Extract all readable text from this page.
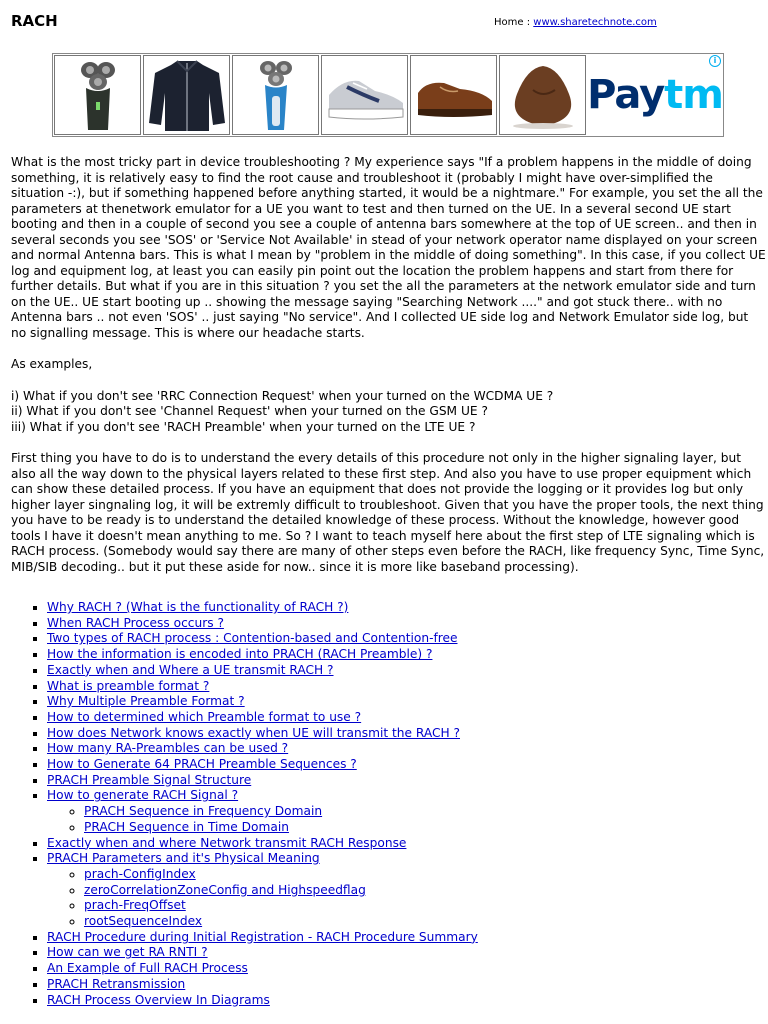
RACH	Home : www.sharetechnote.com
Paytm
i

What is the most tricky part in device troubleshooting ? My experience says "If a problem happens in the middle of doing something, it is relatively easy to find the root cause and troubleshoot it (probably I might have over-simplified the situation -:), but if something happened before anything started, it would be a nightmare." For example, you set the all the parameters at thenetwork emulator for a UE you want to test and then turned on the UE. In a several second UE start booting and then in a couple of second you see a couple of antenna bars somewhere at the top of UE screen.. and then in several seconds you see 'SOS' or 'Service Not Available' in stead of your network operator name displayed on your screen and normal Antenna bars. This is what I mean by "problem in the middle of doing something". In this case, if you collect UE log and equipment log, at least you can easily pin point out the location the problem happens and start from there for further details. But what if you are in this situation ? you set the all the parameters at the network emulator side and turn on the UE.. UE start booting up .. showing the message saying "Searching Network ...." and got stuck there.. with no Antenna bars .. not even 'SOS' .. just saying "No service". And I collected UE side log and Network Emulator side log, but no signalling message. This is where our headache starts.

As examples,

i) What if you don't see 'RRC Connection Request' when your turned on the WCDMA UE ?
ii) What if you don't see 'Channel Request' when your turned on the GSM UE ?
iii) What if you don't see 'RACH Preamble' when your turned on the LTE UE ?

First thing you have to do is to understand the every details of this procedure not only in the higher signaling layer, but also all the way down to the physical layers related to these first step. And also you have to use proper equipment which can show these detailed process. If you have an equipment that does not provide the logging or it provides log but only higher layer singnaling log, it will be extremly difficult to troubleshoot. Given that you have the proper tools, the next thing you have to be ready is to understand the detailed knowledge of these process. Without the knowledge, however good tools I have it doesn't mean anything to me. So ? I want to teach myself here about the first step of LTE signaling which is RACH process. (Somebody would say there are many of other steps even before the RACH, like frequency Sync, Time Sync, MIB/SIB decoding.. but it put these aside for now.. since it is more like baseband processing).

▪ Why RACH ? (What is the functionality of RACH ?)
▪ When RACH Process occurs ?
▪ Two types of RACH process : Contention-based and Contention-free
▪ How the information is encoded into PRACH (RACH Preamble) ?
▪ Exactly when and Where a UE transmit RACH ?
▪ What is preamble format ?
▪ Why Multiple Preamble Format ?
▪ How to determined which Preamble format to use ?
▪ How does Network knows exactly when UE will transmit the RACH ?
▪ How many RA-Preambles can be used ?
▪ How to Generate 64 PRACH Preamble Sequences ?
▪ PRACH Preamble Signal Structure
▪ How to generate RACH Signal ?
◦ PRACH Sequence in Frequency Domain
◦ PRACH Sequence in Time Domain
▪ Exactly when and where Network transmit RACH Response
▪ PRACH Parameters and it's Physical Meaning
◦ prach-ConfigIndex
◦ zeroCorrelationZoneConfig and Highspeedflag
◦ prach-FreqOffset
◦ rootSequenceIndex
▪ RACH Procedure during Initial Registration - RACH Procedure Summary
▪ How can we get RA RNTI ?
▪ An Example of Full RACH Process
▪ PRACH Retransmission
▪ RACH Process Overview In Diagrams
